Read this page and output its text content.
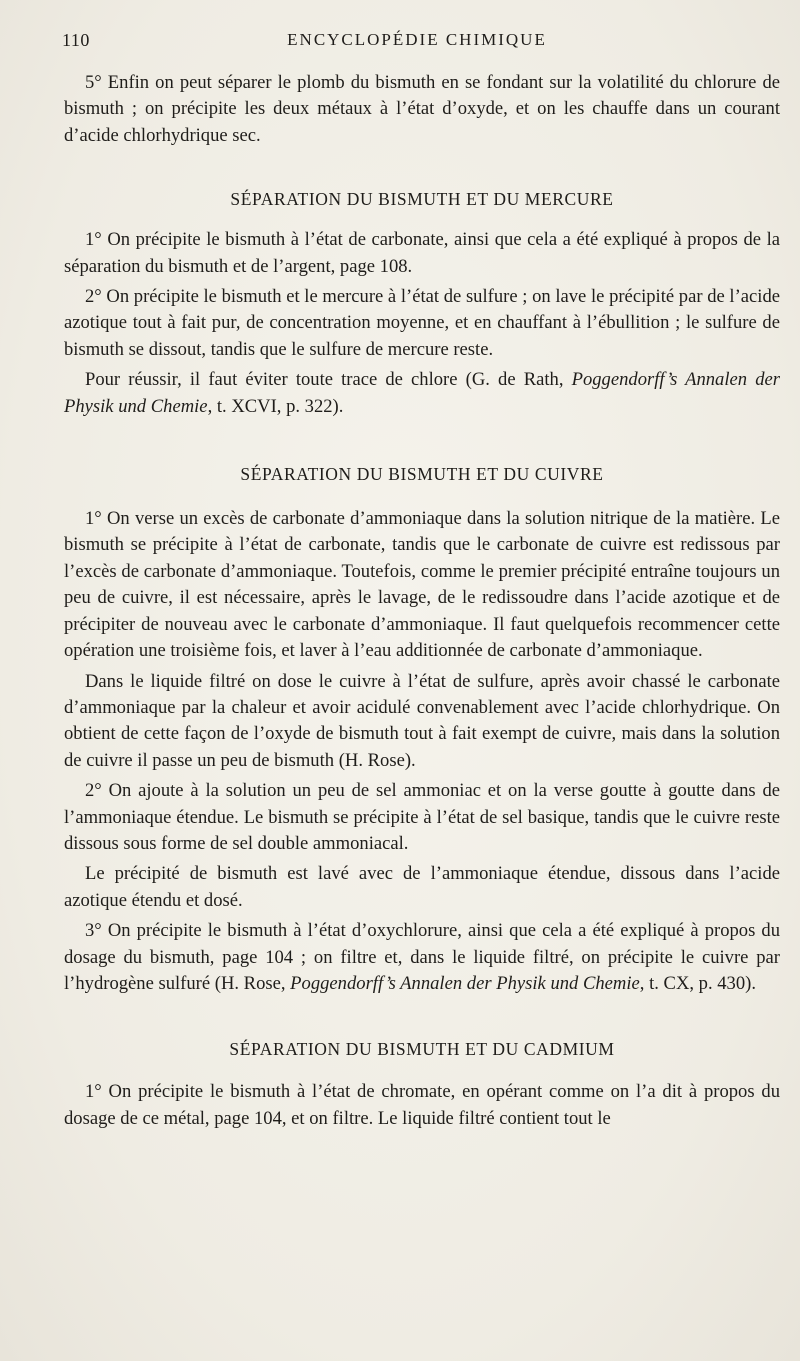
110	ENCYCLOPÉDIE CHIMIQUE

5° Enfin on peut séparer le plomb du bismuth en se fondant sur la volatilité du chlorure de bismuth ; on précipite les deux métaux à l’état d’oxyde, et on les chauffe dans un courant d’acide chlorhydrique sec.

SÉPARATION DU BISMUTH ET DU MERCURE

1° On précipite le bismuth à l’état de carbonate, ainsi que cela a été expliqué à propos de la séparation du bismuth et de l’argent, page 108.

2° On précipite le bismuth et le mercure à l’état de sulfure ; on lave le précipité par de l’acide azotique tout à fait pur, de concentration moyenne, et en chauffant à l’ébullition ; le sulfure de bismuth se dissout, tandis que le sulfure de mercure reste.

Pour réussir, il faut éviter toute trace de chlore (G. de Rath, Poggendorff’s Annalen der Physik und Chemie, t. XCVI, p. 322).

SÉPARATION DU BISMUTH ET DU CUIVRE

1° On verse un excès de carbonate d’ammoniaque dans la solution nitrique de la matière. Le bismuth se précipite à l’état de carbonate, tandis que le carbonate de cuivre est redissous par l’excès de carbonate d’ammoniaque. Toutefois, comme le premier précipité entraîne toujours un peu de cuivre, il est nécessaire, après le lavage, de le redissoudre dans l’acide azotique et de précipiter de nouveau avec le carbonate d’ammoniaque. Il faut quelquefois recommencer cette opération une troisième fois, et laver à l’eau additionnée de carbonate d’ammoniaque.

Dans le liquide filtré on dose le cuivre à l’état de sulfure, après avoir chassé le carbonate d’ammoniaque par la chaleur et avoir acidulé convenablement avec l’acide chlorhydrique. On obtient de cette façon de l’oxyde de bismuth tout à fait exempt de cuivre, mais dans la solution de cuivre il passe un peu de bismuth (H. Rose).

2° On ajoute à la solution un peu de sel ammoniac et on la verse goutte à goutte dans de l’ammoniaque étendue. Le bismuth se précipite à l’état de sel basique, tandis que le cuivre reste dissous sous forme de sel double ammoniacal.

Le précipité de bismuth est lavé avec de l’ammoniaque étendue, dissous dans l’acide azotique étendu et dosé.

3° On précipite le bismuth à l’état d’oxychlorure, ainsi que cela a été expliqué à propos du dosage du bismuth, page 104 ; on filtre et, dans le liquide filtré, on précipite le cuivre par l’hydrogène sulfuré (H. Rose, Poggendorff’s Annalen der Physik und Chemie, t. CX, p. 430).

SÉPARATION DU BISMUTH ET DU CADMIUM

1° On précipite le bismuth à l’état de chromate, en opérant comme on l’a dit à propos du dosage de ce métal, page 104, et on filtre. Le liquide filtré contient tout le
